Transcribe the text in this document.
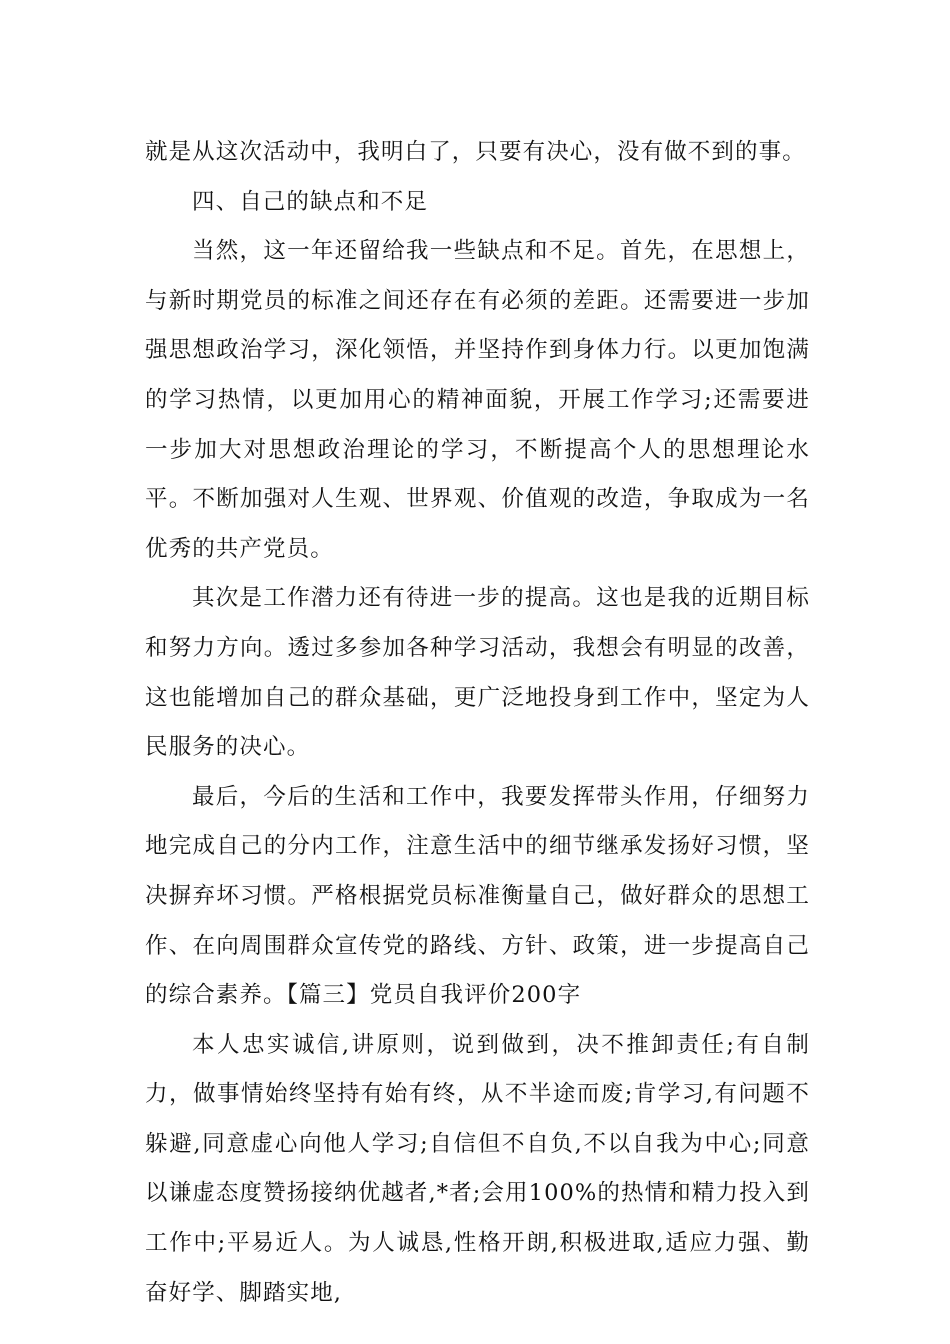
就是从这次活动中，我明白了，只要有决心，没有做不到的事。

四、自己的缺点和不足

当然，这一年还留给我一些缺点和不足。首先，在思想上，与新时期党员的标准之间还存在有必须的差距。还需要进一步加强思想政治学习，深化领悟，并坚持作到身体力行。以更加饱满的学习热情，以更加用心的精神面貌，开展工作学习;还需要进一步加大对思想政治理论的学习，不断提高个人的思想理论水平。不断加强对人生观、世界观、价值观的改造，争取成为一名优秀的共产党员。

其次是工作潜力还有待进一步的提高。这也是我的近期目标和努力方向。透过多参加各种学习活动，我想会有明显的改善，这也能增加自己的群众基础，更广泛地投身到工作中，坚定为人民服务的决心。

最后，今后的生活和工作中，我要发挥带头作用，仔细努力地完成自己的分内工作，注意生活中的细节继承发扬好习惯，坚决摒弃坏习惯。严格根据党员标准衡量自己，做好群众的思想工作、在向周围群众宣传党的路线、方针、政策，进一步提高自己的综合素养。【篇三】党员自我评价200字

本人忠实诚信,讲原则，说到做到，决不推卸责任;有自制力，做事情始终坚持有始有终，从不半途而废;肯学习,有问题不躲避,同意虚心向他人学习;自信但不自负,不以自我为中心;同意以谦虚态度赞扬接纳优越者,*者;会用100%的热情和精力投入到工作中;平易近人。为人诚恳,性格开朗,积极进取,适应力强、勤奋好学、脚踏实地,
